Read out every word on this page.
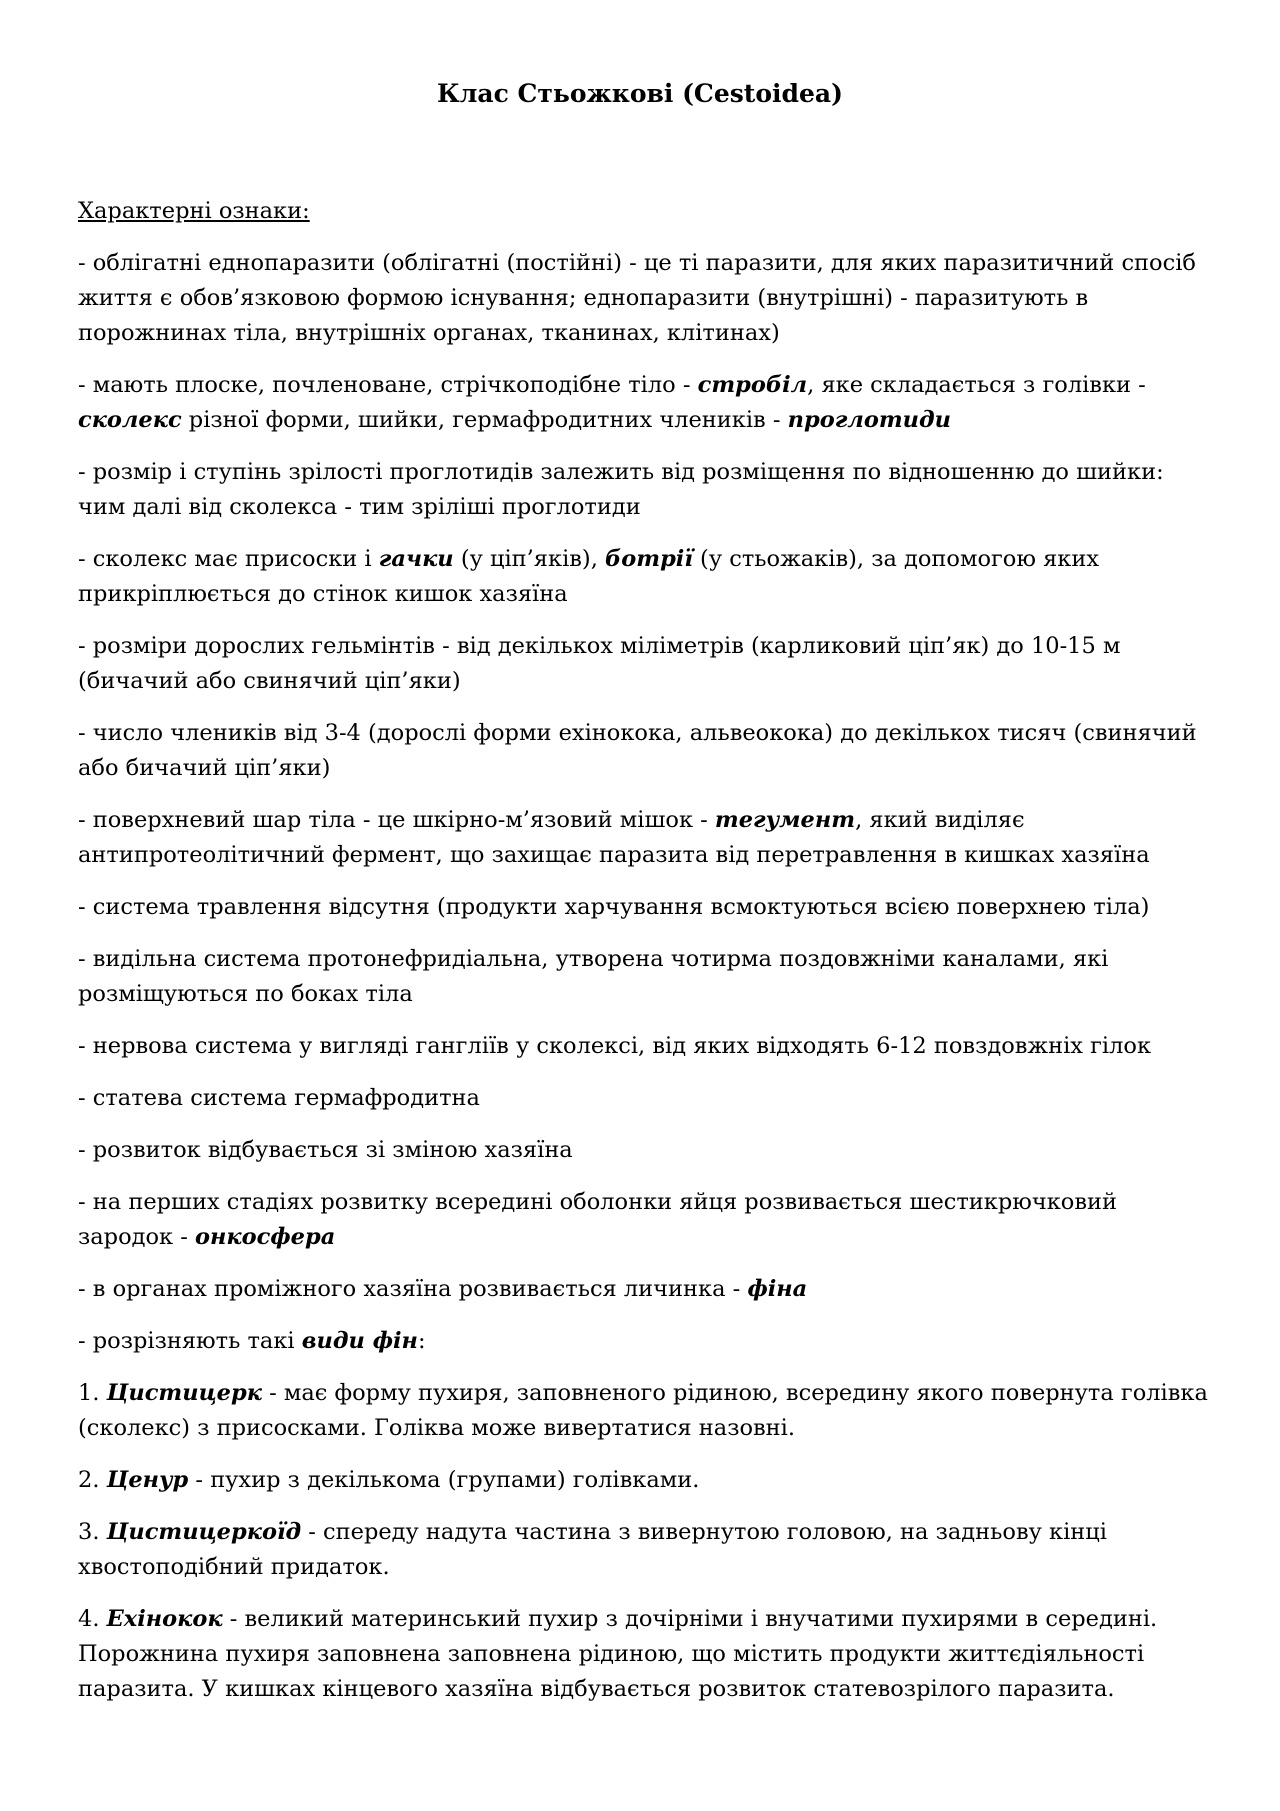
Клас Стьожкові (Cestoidea)

Характерні ознаки:

- облігатні еднопаразити (облігатні (постійні) - це ті паразити, для яких паразитичний спосіб життя є обов’язковою формою існування; еднопаразити (внутрішні) - паразитують в порожнинах тіла, внутрішніх органах, тканинах, клітинах)

- мають плоске, почленоване, стрічкоподібне тіло - стробіл, яке складається з голівки - сколекс різної форми, шийки, гермафродитних члеників - проглотиди

- розмір і ступінь зрілості проглотидів залежить від розміщення по відношенню до шийки: чим далі від сколекса - тим зріліші проглотиди

- сколекс має присоски і гачки (у ціп’яків), ботрії (у стьожаків), за допомогою яких прикріплюється до стінок кишок хазяїна

- розміри дорослих гельмінтів - від декількох міліметрів (карликовий ціп’як) до 10-15 м (бичачий або свинячий ціп’яки)

- число члеників від 3-4 (дорослі форми ехінокока, альвеокока) до декількох тисяч (свинячий або бичачий ціп’яки)

- поверхневий шар тіла - це шкірно-м’язовий мішок - тегумент, який виділяє антипротеолітичний фермент, що захищає паразита від перетравлення в кишках хазяїна

- система травлення відсутня (продукти харчування всмоктуються всією поверхнею тіла)

- видільна система протонефридіальна, утворена чотирма поздовжніми каналами, які розміщуються по боках тіла

- нервова система у вигляді гангліїв у сколексі, від яких відходять 6-12 повздовжніх гілок

- статева система гермафродитна

- розвиток відбувається зі зміною хазяїна

- на перших стадіях розвитку всередині оболонки яйця розвивається шестикрючковий зародок - онкосфера

- в органах проміжного хазяїна розвивається личинка - фіна

- розрізняють такі види фін:

1. Цистицерк - має форму пухиря, заповненого рідиною, всередину якого повернута голівка (сколекс) з присосками. Голіква може вивертатися назовні.

2. Ценур - пухир з декількома (групами) голівками.

3. Цистицеркоїд - спереду надута частина з вивернутою головою, на задньову кінці хвостоподібний придаток.

4. Ехінокок - великий материнський пухир з дочірніми і внучатими пухирями в середині. Порожнина пухиря заповнена заповнена рідиною, що містить продукти життєдіяльності паразита. У кишках кінцевого хазяїна відбувається розвиток статевозрілого паразита.
